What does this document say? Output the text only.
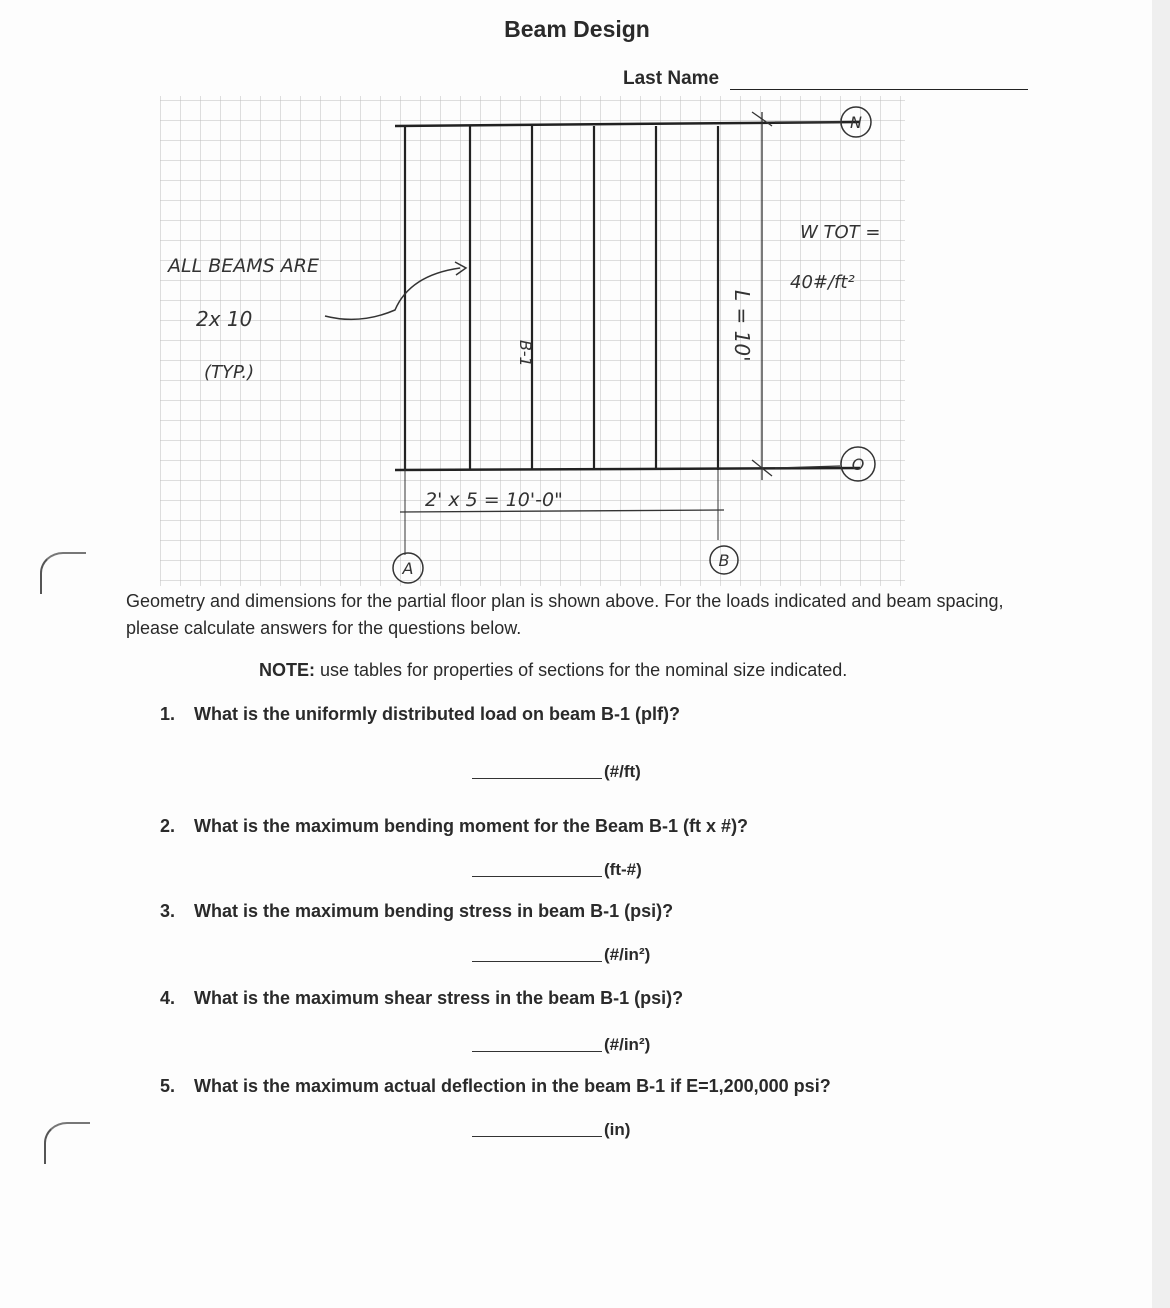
Beam Design
Last Name
N
O
A	B
ALL BEAMS ARE
2x 10
(TYP.)
B-1	L = 10'
W TOT =
40#/ft²
2' x 5 = 10'-0"
Geometry and dimensions for the partial floor plan is shown above. For the loads indicated and beam spacing, please calculate answers for the questions below.
NOTE: use tables for properties of sections for the nominal size indicated.
1. What is the uniformly distributed load on beam B-1 (plf)?
(#/ft)
2. What is the maximum bending moment for the Beam B-1 (ft x #)?
(ft-#)
3. What is the maximum bending stress in beam B-1 (psi)?
(#/in²)
4. What is the maximum shear stress in the beam B-1 (psi)?
(#/in²)
5. What is the maximum actual deflection in the beam B-1 if E=1,200,000 psi?
(in)
